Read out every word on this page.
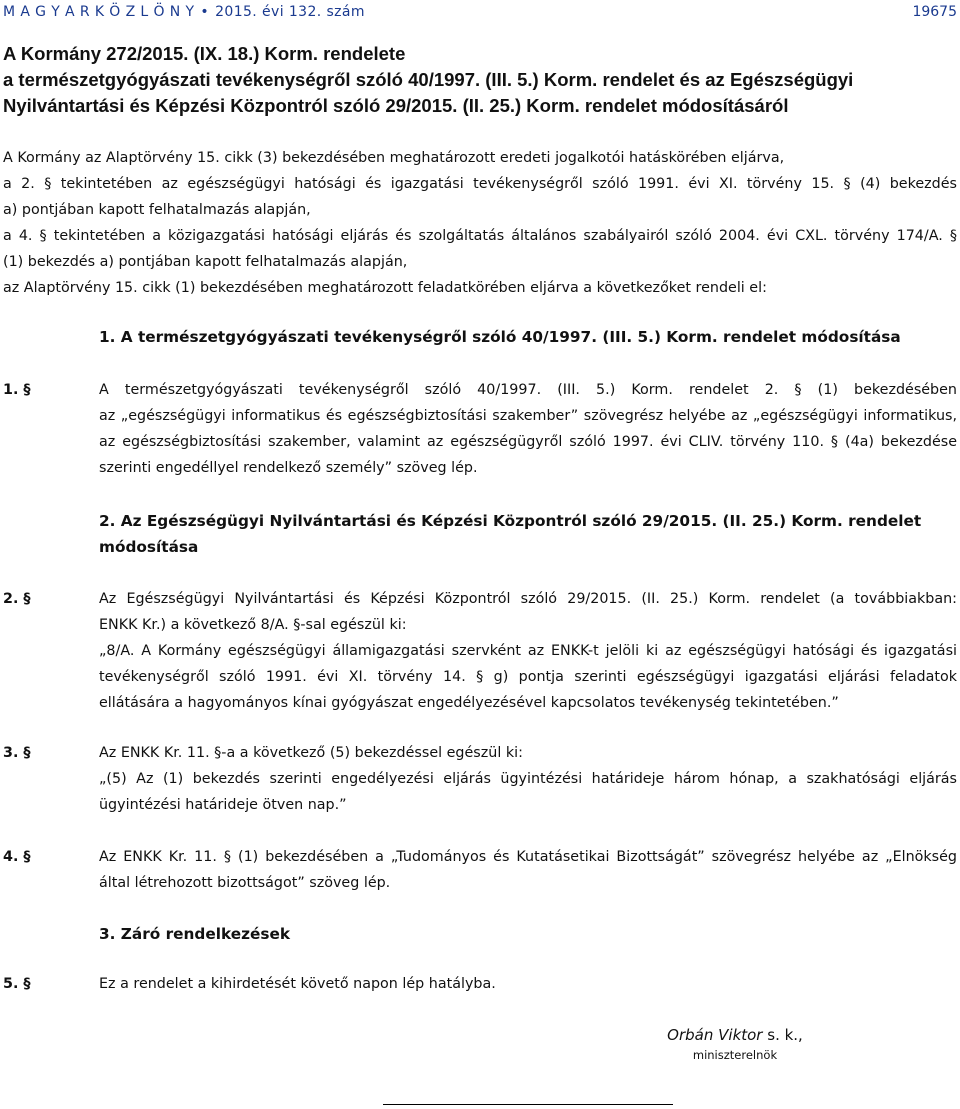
M A G Y A R K Ö Z L Ö N Y • 2015. évi 132. szám	19675
A Kormány 272/2015. (IX. 18.) Korm. rendelete
a természetgyógyászati tevékenységről szóló 40/1997. (III. 5.) Korm. rendelet és az Egészségügyi
Nyilvántartási és Képzési Központról szóló 29/2015. (II. 25.) Korm. rendelet módosításáról
A Kormány az Alaptörvény 15. cikk (3) bekezdésében meghatározott eredeti jogalkotói hatáskörében eljárva,
a 2. § tekintetében az egészségügyi hatósági és igazgatási tevékenységről szóló 1991. évi XI. törvény 15. § (4) bekezdés
a) pontjában kapott felhatalmazás alapján,
a 4. § tekintetében a közigazgatási hatósági eljárás és szolgáltatás általános szabályairól szóló 2004. évi CXL. törvény 174/A. §
(1) bekezdés a) pontjában kapott felhatalmazás alapján,
az Alaptörvény 15. cikk (1) bekezdésében meghatározott feladatkörében eljárva a következőket rendeli el:
1. A természetgyógyászati tevékenységről szóló 40/1997. (III. 5.) Korm. rendelet módosítása
1. §	A természetgyógyászati tevékenységről szóló 40/1997. (III. 5.) Korm. rendelet 2. § (1) bekezdésében
az „egészségügyi informatikus és egészségbiztosítási szakember” szövegrész helyébe az „egészségügyi informatikus,
az egészségbiztosítási szakember, valamint az egészségügyről szóló 1997. évi CLIV. törvény 110. § (4a) bekezdése
szerinti engedéllyel rendelkező személy” szöveg lép.
2. Az Egészségügyi Nyilvántartási és Képzési Központról szóló 29/2015. (II. 25.) Korm. rendelet
módosítása
2. §	Az Egészségügyi Nyilvántartási és Képzési Központról szóló 29/2015. (II. 25.) Korm. rendelet (a továbbiakban:
ENKK Kr.) a következő 8/A. §-sal egészül ki:
„8/A. A Kormány egészségügyi államigazgatási szervként az ENKK-t jelöli ki az egészségügyi hatósági és igazgatási
tevékenységről szóló 1991. évi XI. törvény 14. § g) pontja szerinti egészségügyi igazgatási eljárási feladatok
ellátására a hagyományos kínai gyógyászat engedélyezésével kapcsolatos tevékenység tekintetében.”
3. §	Az ENKK Kr. 11. §-a a következő (5) bekezdéssel egészül ki:
„(5) Az (1) bekezdés szerinti engedélyezési eljárás ügyintézési határideje három hónap, a szakhatósági eljárás
ügyintézési határideje ötven nap.”
4. §	Az ENKK Kr. 11. § (1) bekezdésében a „Tudományos és Kutatásetikai Bizottságát” szövegrész helyébe az „Elnökség
által létrehozott bizottságot” szöveg lép.
3. Záró rendelkezések
5. §	Ez a rendelet a kihirdetését követő napon lép hatályba.
Orbán Viktor s. k.,
miniszterelnök
